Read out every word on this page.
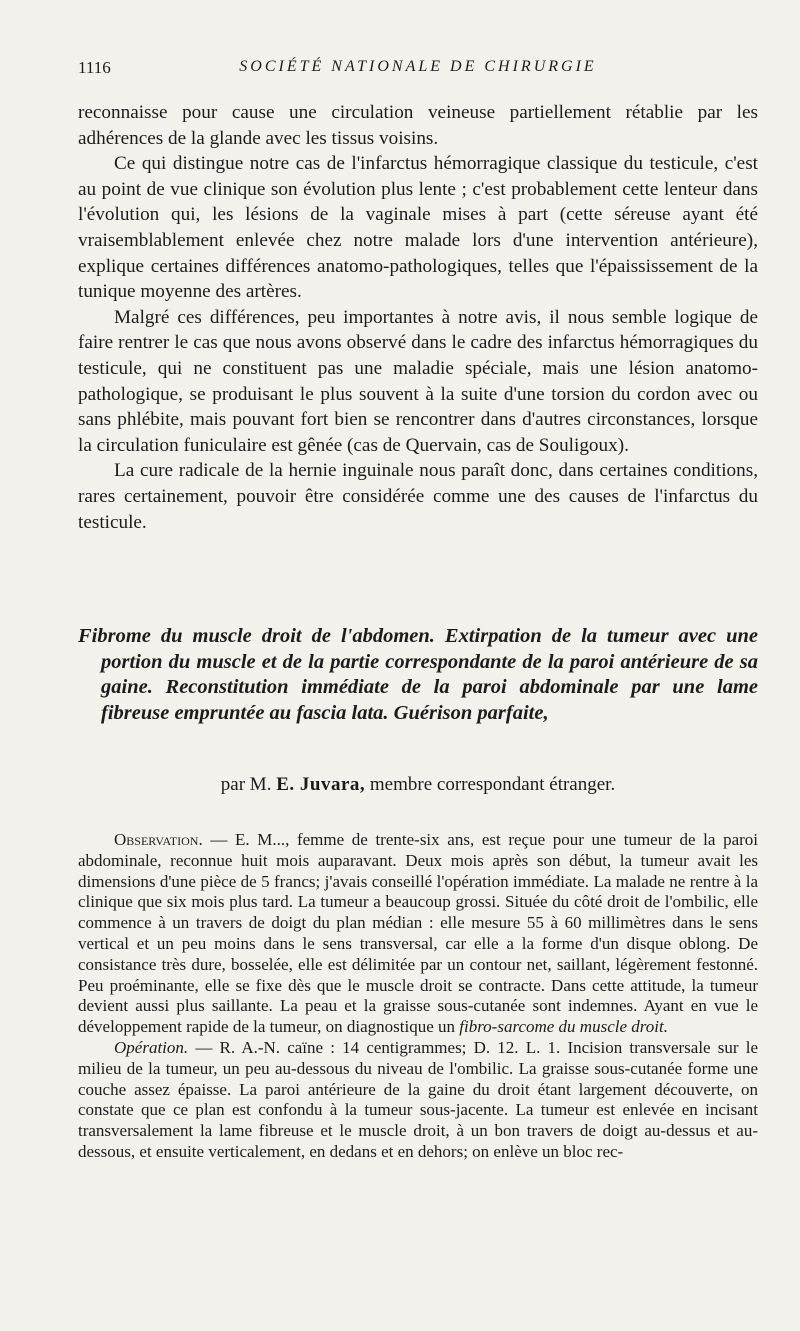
1116	SOCIÉTÉ NATIONALE DE CHIRURGIE

reconnaisse pour cause une circulation veineuse partiellement rétablie par les adhérences de la glande avec les tissus voisins.

Ce qui distingue notre cas de l'infarctus hémorragique classique du testicule, c'est au point de vue clinique son évolution plus lente ; c'est probablement cette lenteur dans l'évolution qui, les lésions de la vaginale mises à part (cette séreuse ayant été vraisemblablement enlevée chez notre malade lors d'une intervention antérieure), explique certaines différences anatomo-pathologiques, telles que l'épaississement de la tunique moyenne des artères.

Malgré ces différences, peu importantes à notre avis, il nous semble logique de faire rentrer le cas que nous avons observé dans le cadre des infarctus hémorragiques du testicule, qui ne constituent pas une maladie spéciale, mais une lésion anatomo-pathologique, se produisant le plus souvent à la suite d'une torsion du cordon avec ou sans phlébite, mais pouvant fort bien se rencontrer dans d'autres circonstances, lorsque la circulation funiculaire est gênée (cas de Quervain, cas de Souligoux).

La cure radicale de la hernie inguinale nous paraît donc, dans certaines conditions, rares certainement, pouvoir être considérée comme une des causes de l'infarctus du testicule.

Fibrome du muscle droit de l'abdomen. Extirpation de la tumeur avec une portion du muscle et de la partie correspondante de la paroi antérieure de sa gaine. Reconstitution immédiate de la paroi abdominale par une lame fibreuse empruntée au fascia lata. Guérison parfaite,

par M. E. Juvara, membre correspondant étranger.

Observation. — E. M..., femme de trente-six ans, est reçue pour une tumeur de la paroi abdominale, reconnue huit mois auparavant. Deux mois après son début, la tumeur avait les dimensions d'une pièce de 5 francs; j'avais conseillé l'opération immédiate. La malade ne rentre à la clinique que six mois plus tard. La tumeur a beaucoup grossi. Située du côté droit de l'ombilic, elle commence à un travers de doigt du plan médian : elle mesure 55 à 60 millimètres dans le sens vertical et un peu moins dans le sens transversal, car elle a la forme d'un disque oblong. De consistance très dure, bosselée, elle est délimitée par un contour net, saillant, légèrement festonné. Peu proéminante, elle se fixe dès que le muscle droit se contracte. Dans cette attitude, la tumeur devient aussi plus saillante. La peau et la graisse sous-cutanée sont indemnes. Ayant en vue le développement rapide de la tumeur, on diagnostique un fibro-sarcome du muscle droit.

Opération. — R. A.-N. caïne : 14 centigrammes; D. 12. L. 1. Incision transversale sur le milieu de la tumeur, un peu au-dessous du niveau de l'ombilic. La graisse sous-cutanée forme une couche assez épaisse. La paroi antérieure de la gaine du droit étant largement découverte, on constate que ce plan est confondu à la tumeur sous-jacente. La tumeur est enlevée en incisant transversalement la lame fibreuse et le muscle droit, à un bon travers de doigt au-dessus et au-dessous, et ensuite verticalement, en dedans et en dehors; on enlève un bloc rec-
